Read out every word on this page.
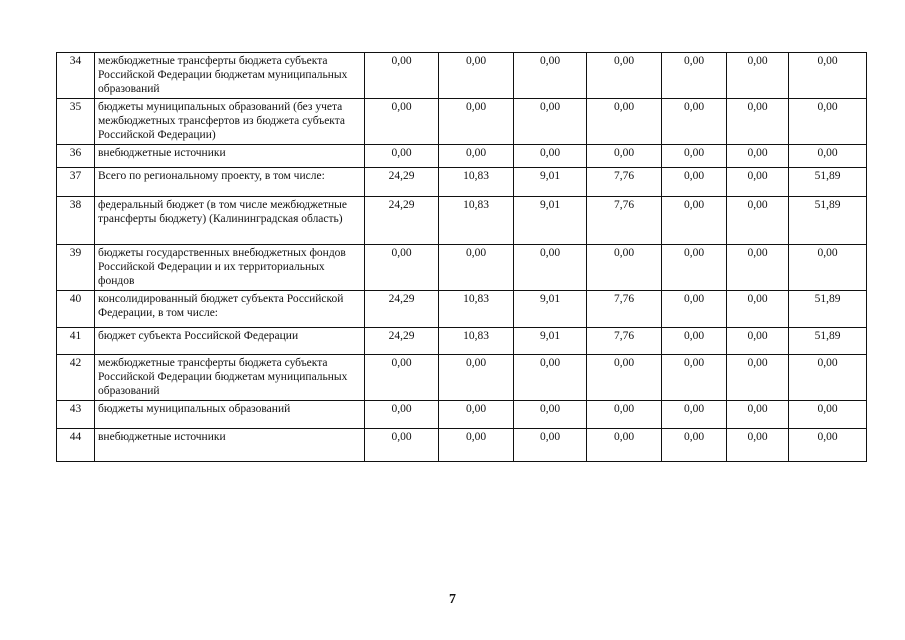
34	межбюджетные трансферты бюджета субъекта Российской Федерации бюджетам муниципальных образований	0,00	0,00	0,00	0,00	0,00	0,00	0,00
35	бюджеты муниципальных образований (без учета межбюджетных трансфертов из бюджета субъекта Российской Федерации)	0,00	0,00	0,00	0,00	0,00	0,00	0,00
36	внебюджетные источники	0,00	0,00	0,00	0,00	0,00	0,00	0,00
37	Всего по региональному проекту, в том числе:	24,29	10,83	9,01	7,76	0,00	0,00	51,89
38	федеральный бюджет (в том числе межбюджетные трансферты бюджету) (Калининградская область)	24,29	10,83	9,01	7,76	0,00	0,00	51,89
39	бюджеты государственных внебюджетных фондов Российской Федерации и их территориальных фондов	0,00	0,00	0,00	0,00	0,00	0,00	0,00
40	консолидированный бюджет субъекта Российской Федерации, в том числе:	24,29	10,83	9,01	7,76	0,00	0,00	51,89
41	бюджет субъекта Российской Федерации	24,29	10,83	9,01	7,76	0,00	0,00	51,89
42	межбюджетные трансферты бюджета субъекта Российской Федерации бюджетам муниципальных образований	0,00	0,00	0,00	0,00	0,00	0,00	0,00
43	бюджеты муниципальных образований	0,00	0,00	0,00	0,00	0,00	0,00	0,00
44	внебюджетные источники	0,00	0,00	0,00	0,00	0,00	0,00	0,00
7
